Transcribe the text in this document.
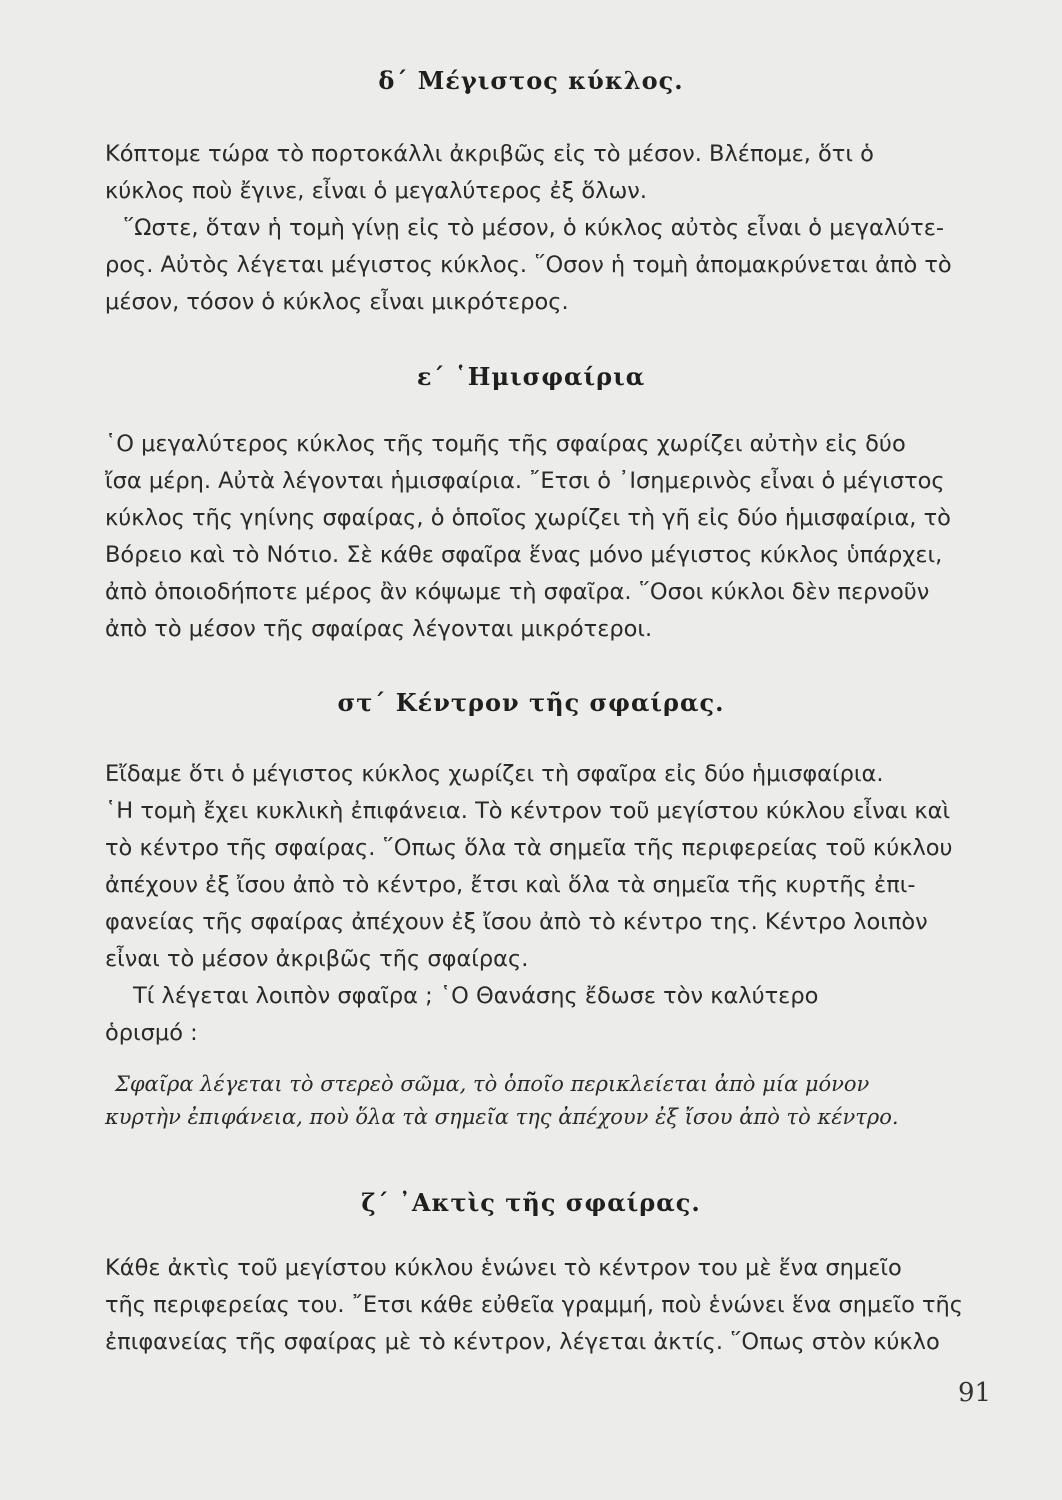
δ΄ Μέγιστος κύκλος.
Κόπτομε τώρα τὸ πορτοκάλλι ἀκριβῶς εἰς τὸ μέσον. Βλέπομε, ὅτι ὁ
κύκλος ποὺ ἔγινε, εἶναι ὁ μεγαλύτερος ἐξ ὅλων.
῞Ωστε, ὅταν ἡ τομὴ γίνῃ εἰς τὸ μέσον, ὁ κύκλος αὐτὸς εἶναι ὁ μεγαλύτε-
ρος. Αὐτὸς λέγεται μέγιστος κύκλος. ῞Οσον ἡ τομὴ ἀπομακρύνεται ἀπὸ τὸ
μέσον, τόσον ὁ κύκλος εἶναι μικρότερος.
ε΄ ῾Ημισφαίρια
῾Ο μεγαλύτερος κύκλος τῆς τομῆς τῆς σφαίρας χωρίζει αὐτὴν εἰς δύο
ἴσα μέρη. Αὐτὰ λέγονται ἡμισφαίρια. ῎Ετσι ὁ ᾿Ισημερινὸς εἶναι ὁ μέγιστος
κύκλος τῆς γηίνης σφαίρας, ὁ ὁποῖος χωρίζει τὴ γῆ εἰς δύο ἡμισφαίρια, τὸ
Βόρειο καὶ τὸ Νότιο. Σὲ κάθε σφαῖρα ἕνας μόνο μέγιστος κύκλος ὑπάρχει,
ἀπὸ ὁποιοδήποτε μέρος ἂν κόψωμε τὴ σφαῖρα. ῞Οσοι κύκλοι δὲν περνοῦν
ἀπὸ τὸ μέσον τῆς σφαίρας λέγονται μικρότεροι.
στ΄ Κέντρον τῆς σφαίρας.
Εἴδαμε ὅτι ὁ μέγιστος κύκλος χωρίζει τὴ σφαῖρα εἰς δύο ἡμισφαίρια.
῾Η τομὴ ἔχει κυκλικὴ ἐπιφάνεια. Τὸ κέντρον τοῦ μεγίστου κύκλου εἶναι καὶ
τὸ κέντρο τῆς σφαίρας. ῞Οπως ὅλα τὰ σημεῖα τῆς περιφερείας τοῦ κύκλου
ἀπέχουν ἐξ ἴσου ἀπὸ τὸ κέντρο, ἔτσι καὶ ὅλα τὰ σημεῖα τῆς κυρτῆς ἐπι-
φανείας τῆς σφαίρας ἀπέχουν ἐξ ἴσου ἀπὸ τὸ κέντρο της. Κέντρο λοιπὸν
εἶναι τὸ μέσον ἀκριβῶς τῆς σφαίρας.
Τί λέγεται λοιπὸν σφαῖρα ; ῾Ο Θανάσης ἔδωσε τὸν καλύτερο
ὁρισμό :
Σφαῖρα λέγεται τὸ στερεὸ σῶμα, τὸ ὁποῖο περικλείεται ἀπὸ μία μόνον
κυρτὴν ἐπιφάνεια, ποὺ ὅλα τὰ σημεῖα της ἀπέχουν ἐξ ἴσου ἀπὸ τὸ κέντρο.
ζ΄ ᾿Ακτὶς τῆς σφαίρας.
Κάθε ἀκτὶς τοῦ μεγίστου κύκλου ἑνώνει τὸ κέντρον του μὲ ἕνα σημεῖο
τῆς περιφερείας του. ῎Ετσι κάθε εὐθεῖα γραμμή, ποὺ ἑνώνει ἕνα σημεῖο τῆς
ἐπιφανείας τῆς σφαίρας μὲ τὸ κέντρον, λέγεται ἀκτίς. ῞Οπως στὸν κύκλο
91
